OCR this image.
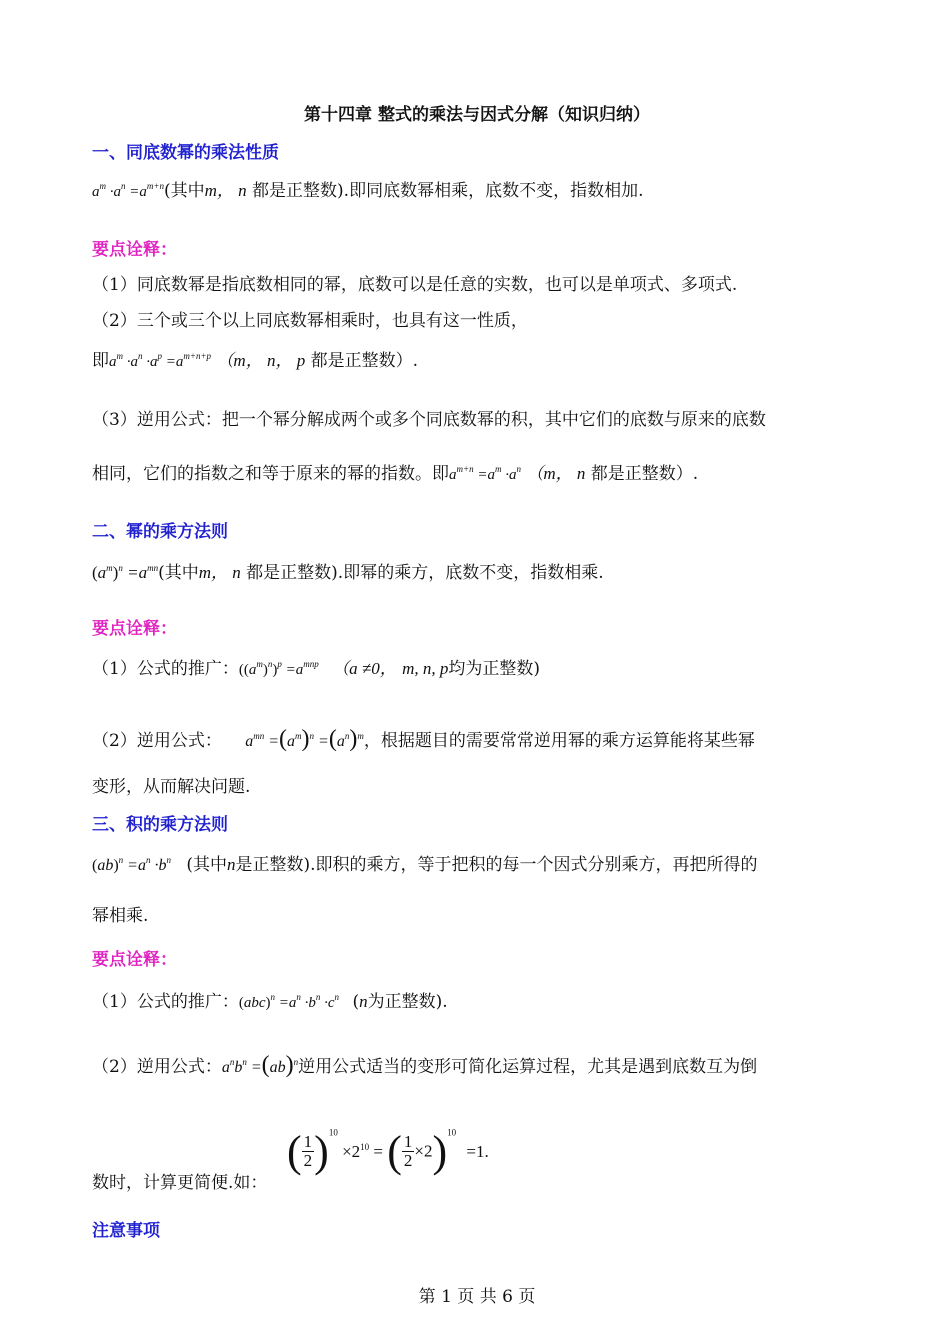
第十四章 整式的乘法与因式分解（知识归纳）
一、同底数幂的乘法性质
$a^m \cdot a^n =a^{m+n}$(其中m， n 都是正整数).即同底数幂相乘，底数不变，指数相加.
要点诠释：
（1）同底数幂是指底数相同的幂，底数可以是任意的实数，也可以是单项式、多项式.
（2）三个或三个以上同底数幂相乘时，也具有这一性质，
即$a^m \cdot a^n \cdot a^p =a^{m+n+p}$ （m， n， p 都是正整数）.
（3）逆用公式：把一个幂分解成两个或多个同底数幂的积，其中它们的底数与原来的底数
相同，它们的指数之和等于原来的幂的指数。即$a^{m+n} =a^m \cdot a^n$ （m， n 都是正整数）.
二、幂的乘方法则
$(a^m)^n =a^{mn}$(其中m， n 都是正整数).即幂的乘方，底数不变，指数相乘.
要点诠释：
（1）公式的推广：$((a^m)^n)^p =a^{mnp}$ （a ≠0， m, n, p均为正整数)
（2）逆用公式： $a^{mn} =(a^m)^n =(a^n)^m$，根据题目的需要常常逆用幂的乘方运算能将某些幂
变形，从而解决问题.
三、积的乘方法则
$(ab)^n =a^n \cdot b^n$ (其中n是正整数).即积的乘方，等于把积的每一个因式分别乘方，再把所得的
幂相乘.
要点诠释：
（1）公式的推广：$(abc)^n =a^n \cdot b^n \cdot c^n$ (n为正整数).
（2）逆用公式：$a^nb^n =(ab)^n$逆用公式适当的变形可简化运算过程，尤其是遇到底数互为倒
数时，计算更简便.如：
( $\frac{1}{2} )^{10} \times 2^{10}$ = ( $\frac{1}{2} \times 2)^{10} =1$.
注意事项
第 1 页 共 6 页
